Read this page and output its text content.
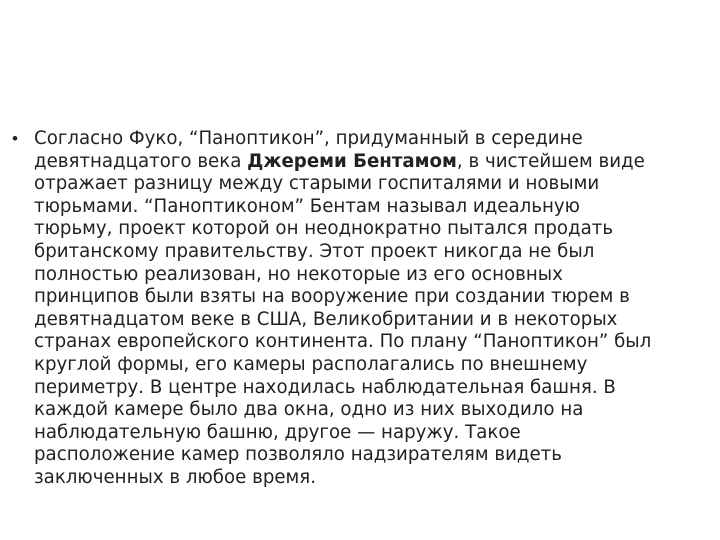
• Согласно Фуко, “Паноптикон”, придуманный в середине
девятнадцатого века Джереми Бентамом, в чистейшем виде
отражает разницу между старыми госпиталями и новыми
тюрьмами. “Паноптиконом” Бентам называл идеальную
тюрьму, проект которой он неоднократно пытался продать
британскому правительству. Этот проект никогда не был
полностью реализован, но некоторые из его основных
принципов были взяты на вооружение при создании тюрем в
девятнадцатом веке в США, Великобритании и в некоторых
странах европейского континента. По плану “Паноптикон” был
круглой формы, его камеры располагались по внешнему
периметру. В центре находилась наблюдательная башня. В
каждой камере было два окна, одно из них выходило на
наблюдательную башню, другое — наружу. Такое
расположение камер позволяло надзирателям видеть
заключенных в любое время.
